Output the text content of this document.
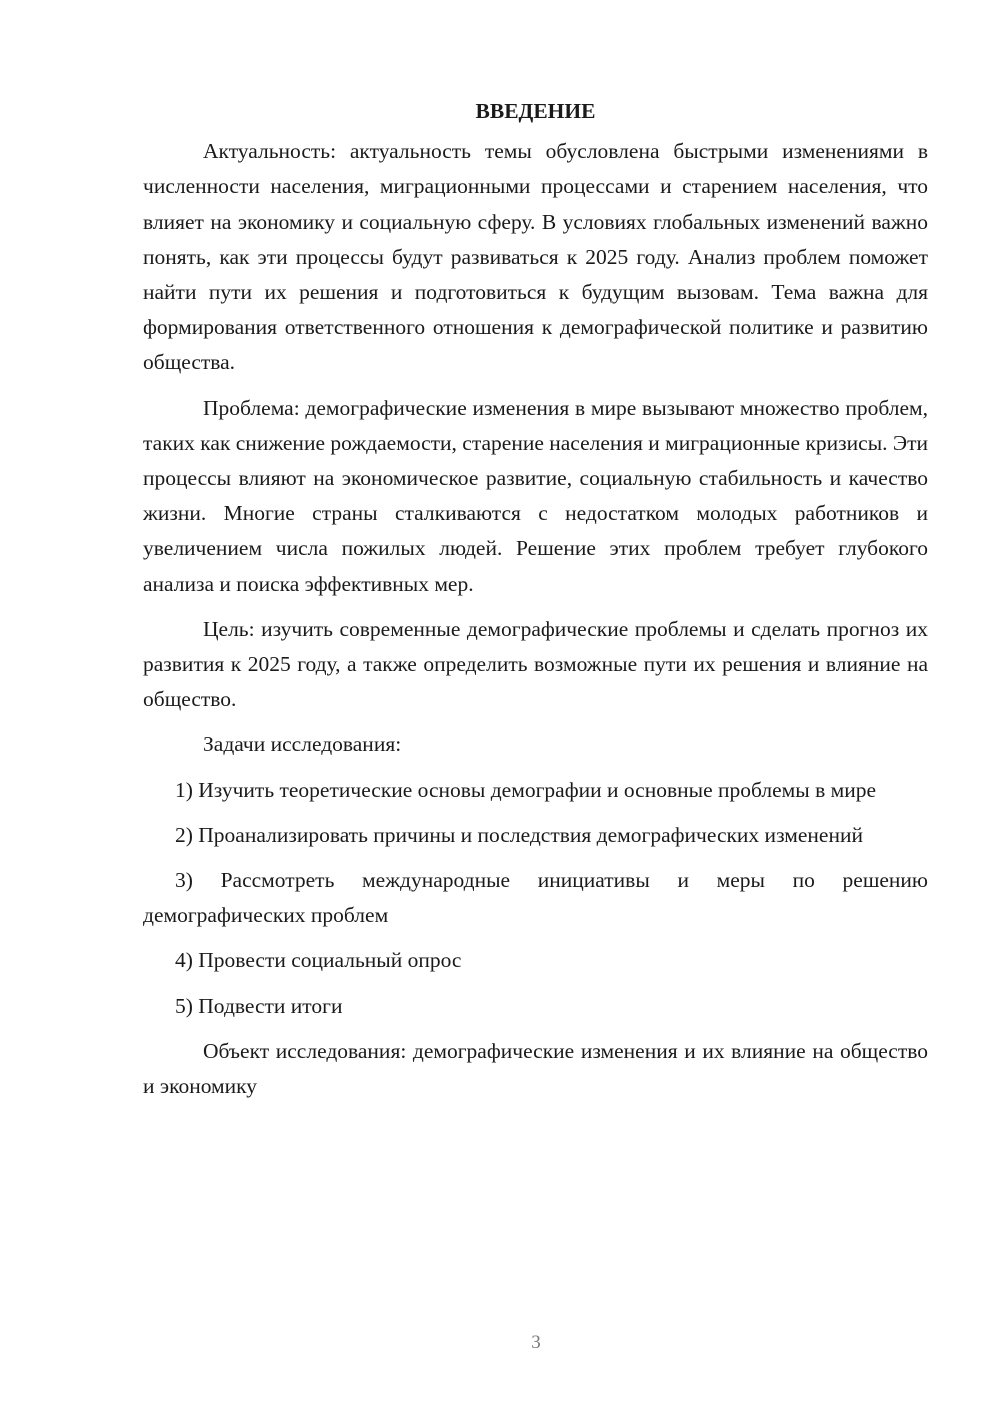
ВВЕДЕНИЕ

Актуальность: актуальность темы обусловлена быстрыми изменениями в численности населения, миграционными процессами и старением населения, что влияет на экономику и социальную сферу. В условиях глобальных изменений важно понять, как эти процессы будут развиваться к 2025 году. Анализ проблем поможет найти пути их решения и подготовиться к будущим вызовам. Тема важна для формирования ответственного отношения к демографической политике и развитию общества.

Проблема: демографические изменения в мире вызывают множество проблем, таких как снижение рождаемости, старение населения и миграционные кризисы. Эти процессы влияют на экономическое развитие, социальную стабильность и качество жизни. Многие страны сталкиваются с недостатком молодых работников и увеличением числа пожилых людей. Решение этих проблем требует глубокого анализа и поиска эффективных мер.

Цель: изучить современные демографические проблемы и сделать прогноз их развития к 2025 году, а также определить возможные пути их решения и влияние на общество.

Задачи исследования:

1) Изучить теоретические основы демографии и основные проблемы в мире

2) Проанализировать причины и последствия демографических изменений

3) Рассмотреть международные инициативы и меры по решению демографических проблем

4) Провести социальный опрос

5) Подвести итоги

Объект исследования: демографические изменения и их влияние на общество и экономику

3
